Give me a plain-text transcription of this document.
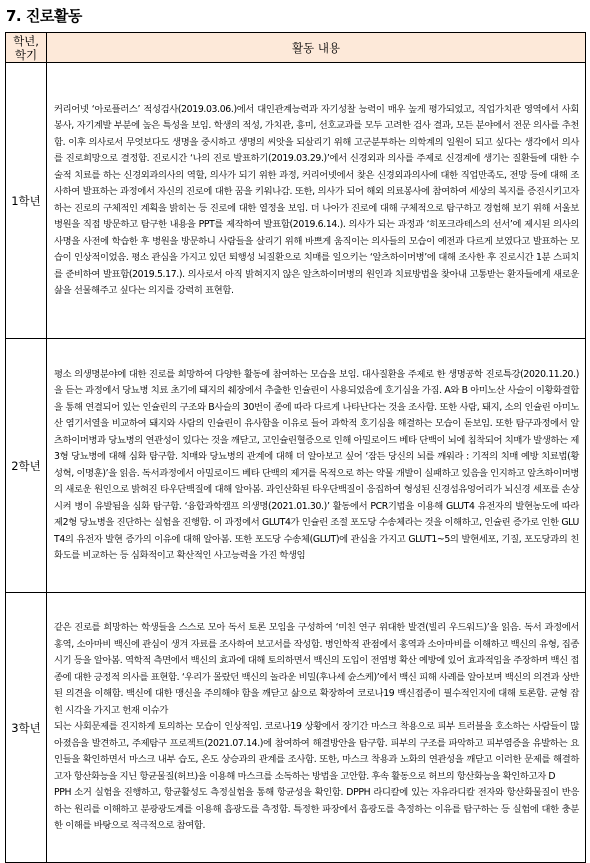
7. 진로활동
학년,
학기	활동 내용
1학년	커리어넷 ‘아로플러스’ 적성검사(2019.03.06.)에서 대인관계능력과 자기성찰 능력이 매우 높게 평가되었고, 직업가치관 영역에서 사회봉사, 자기계발 부분에 높은 특성을 보임. 학생의 적성, 가치관, 흥미, 선호교과를 모두 고려한 검사 결과, 모든 분야에서 전문 의사를 추천함. 이후 의사로서 무엇보다도 생명을 중시하고 생명의 씨앗을 되살리기 위해 고군분투하는 의학계의 일원이 되고 싶다는 생각에서 의사를 진로희망으로 결정함. 진로시간 ‘나의 진로 발표하기(2019.03.29.)’에서 신경외과 의사를 주제로 신경계에 생기는 질환들에 대한 수술적 치료를 하는 신경외과의사의 역할, 의사가 되기 위한 과정, 커리어넷에서 찾은 신경외과의사에 대한 직업만족도, 전망 등에 대해 조사하여 발표하는 과정에서 자신의 진로에 대한 꿈을 키워나감. 또한, 의사가 되어 해외 의료봉사에 참여하여 세상의 복지를 증진시키고자 하는 진로의 구체적인 계획을 밝히는 등 진로에 대한 열정을 보임. 더 나아가 진로에 대해 구체적으로 탐구하고 경험해 보기 위해 서울보병원을 직접 방문하고 탐구한 내용을 PPT를 제작하여 발표함(2019.6.14.). 의사가 되는 과정과 ‘히포크라테스의 선서’에 제시된 의사의 사명을 사전에 학습한 후 병원을 방문하니 사람들을 살리기 위해 바쁘게 움직이는 의사들의 모습이 예전과 다르게 보였다고 발표하는 모습이 인상적이었음. 평소 관심을 가지고 있던 퇴행성 뇌질환으로 치매를 일으키는 ‘알츠하이머병’에 대해 조사한 후 진로시간 1분 스피치를 준비하여 발표함(2019.5.17.). 의사로서 아직 밝혀지지 않은 알츠하이머병의 원인과 치료방법을 찾아내 고통받는 환자들에게 새로운 삶을 선물해주고 싶다는 의지를 강력히 표현함.

2학년	평소 의생명분야에 대한 진로를 희망하여 다양한 활동에 참여하는 모습을 보임. 대사질환을 주제로 한 생명공학 진로특강(2020.11.20.)을 듣는 과정에서 당뇨병 치료 초기에 돼지의 췌장에서 추출한 인슐린이 사용되었음에 호기심을 가짐. A와 B 아미노산 사슬이 이황화결합을 통해 연결되어 있는 인슐린의 구조와 B사슬의 30번이 종에 따라 다르게 나타난다는 것을 조사함. 또한 사람, 돼지, 소의 인슐린 아미노산 염기서열을 비교하여 돼지와 사람의 인슐린이 유사함을 이유로 들어 과학적 호기심을 해결하는 모습이 돋보임. 또한 탐구과정에서 알츠하이머병과 당뇨병의 연관성이 있다는 것을 깨닫고, 고인슐린혈증으로 인해 아밀로이드 베타 단백이 뇌에 침착되어 치매가 발생하는 제3형 당뇨병에 대해 심화 탐구함. 치매와 당뇨병의 관계에 대해 더 알아보고 싶어 ‘잠든 당신의 뇌를 깨워라 : 기적의 치매 예방 치료법(황성혁, 이명훈)’을 읽음. 독서과정에서 아밀로이드 베타 단백의 제거를 목적으로 하는 약물 개발이 실패하고 있음을 인지하고 알츠하이머병의 새로운 원인으로 밝혀진 타우단백질에 대해 알아봄. 과인산화된 타우단백질이 응집하여 형성된 신경섬유엉어리가 뇌신경 세포를 손상시켜 병이 유발됨을 심화 탐구함. ‘융합과학캠프 의생명(2021.01.30.)’ 활동에서 PCR기법을 이용해 GLUT4 유전자의 발현농도에 따라 제2형 당뇨병을 진단하는 실험을 진행함. 이 과정에서 GLUT4가 인슐린 조절 포도당 수송체라는 것을 이해하고, 인슐린 증가로 인한 GLUT4의 유전자 발현 증가의 이유에 대해 알아봄. 또한 포도당 수송체(GLUT)에 관심을 가지고 GLUT1~5의 발현세포, 기질, 포도당과의 친화도를 비교하는 등 심화적이고 확산적인 사고능력을 가진 학생임

3학년	같은 진로를 희망하는 학생들을 스스로 모아 독서 토론 모임을 구성하여 ‘미친 연구 위대한 발견(빌리 우드워드)’을 읽음. 독서 과정에서 홍역, 소아마비 백신에 관심이 생겨 자료를 조사하여 보고서를 작성함. 병인학적 관점에서 홍역과 소아마비를 이해하고 백신의 유형, 집종시기 등을 알아봄. 역학적 측면에서 백신의 효과에 대해 토의하면서 백신의 도입이 전염병 확산 예방에 있어 효과적임을 주장하며 백신 접종에 대한 긍정적 의사를 표현함. ‘우리가 몰랐던 백신의 놀라운 비밀(후나세 슌스케)’에서 백신 피해 사례를 알아보며 백신의 의견과 상반된 의견을 이해함. 백신에 대한 맹신을 주의해야 함을 깨닫고 삶으로 확장하여 코로나19 백신접종이 필수적인지에 대해 토론함. 균형 잡힌 시각을 가지고 헌재 이슈가
되는 사회문제를 진지하게 토의하는 모습이 인상적임. 코로나19 상황에서 장기간 마스크 착용으로 피부 트러블을 호소하는 사람들이 많아졌음을 발견하고, 주제탐구 프로젝트(2021.07.14.)에 참여하여 해결방안을 탐구함. 피부의 구조를 파악하고 피부염증을 유발하는 요인들을 확인하면서 마스크 내부 습도, 온도 상승과의 관계를 조사함. 또한, 마스크 착용과 노화의 연관성을 깨닫고 이러한 문제를 해결하고자 항산화능을 지닌 항균물질(허브)을 이용해 마스크를 소독하는 방법을 고안함. 후속 활동으로 허브의 항산화능을 확인하고자 D
PPH 소거 실험을 진행하고, 항균활성도 측정실험을 통해 항균성을 확인함. DPPH 라디칼에 있는 자유라디칼 전자와 항산화물질이 반응하는 원리를 이해하고 분광광도계를 이용해 흡광도를 측정함. 특정한 파장에서 흡광도를 측정하는 이유를 탐구하는 등 실험에 대한 충분한 이해를 바탕으로 적극적으로 참여함.
